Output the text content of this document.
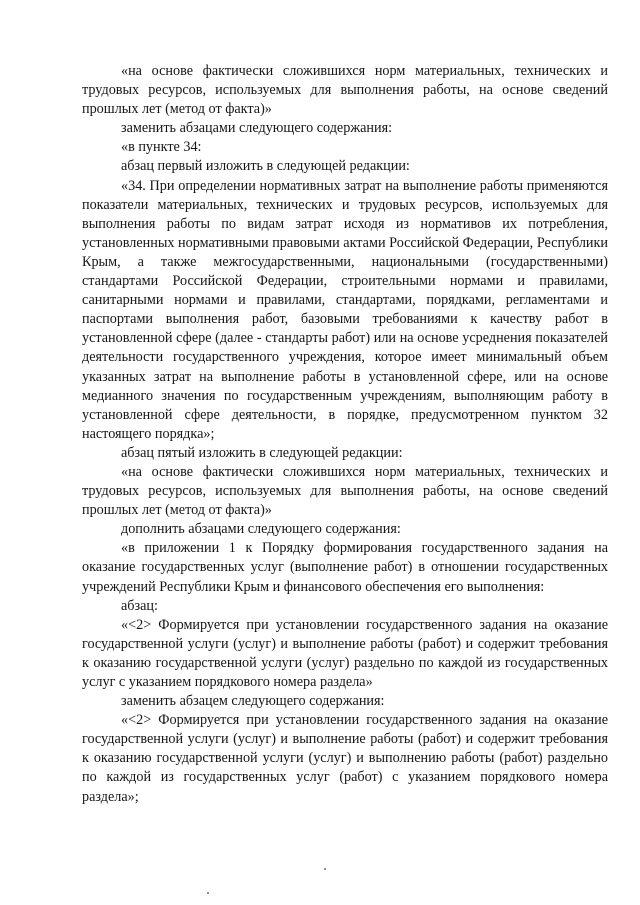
«на основе фактически сложившихся норм материальных, технических и трудовых ресурсов, используемых для выполнения работы, на основе сведений прошлых лет (метод от факта)»

заменить абзацами следующего содержания:

«в пункте 34:

абзац первый изложить в следующей редакции:

«34. При определении нормативных затрат на выполнение работы применяются показатели материальных, технических и трудовых ресурсов, используемых для выполнения работы по видам затрат исходя из нормативов их потребления, установленных нормативными правовыми актами Российской Федерации, Республики Крым, а также межгосударственными, национальными (государственными) стандартами Российской Федерации, строительными нормами и правилами, санитарными нормами и правилами, стандартами, порядками, регламентами и паспортами выполнения работ, базовыми требованиями к качеству работ в установленной сфере (далее - стандарты работ) или на основе усреднения показателей деятельности государственного учреждения, которое имеет минимальный объем указанных затрат на выполнение работы в установленной сфере, или на основе медианного значения по государственным учреждениям, выполняющим работу в установленной сфере деятельности, в порядке, предусмотренном пунктом 32 настоящего порядка»;

абзац пятый изложить в следующей редакции:

«на основе фактически сложившихся норм материальных, технических и трудовых ресурсов, используемых для выполнения работы, на основе сведений прошлых лет (метод от факта)»

дополнить абзацами следующего содержания:

«в приложении 1 к Порядку формирования государственного задания на оказание государственных услуг (выполнение работ) в отношении государственных учреждений Республики Крым и финансового обеспечения его выполнения:

абзац:

«<2> Формируется при установлении государственного задания на оказание государственной услуги (услуг) и выполнение работы (работ) и содержит требования к оказанию государственной услуги (услуг) раздельно по каждой из государственных услуг с указанием порядкового номера раздела»

заменить абзацем следующего содержания:

«<2> Формируется при установлении государственного задания на оказание государственной услуги (услуг) и выполнение работы (работ) и содержит требования к оказанию государственной услуги (услуг) и выполнению работы (работ) раздельно по каждой из государственных услуг (работ) с указанием порядкового номера раздела»;
